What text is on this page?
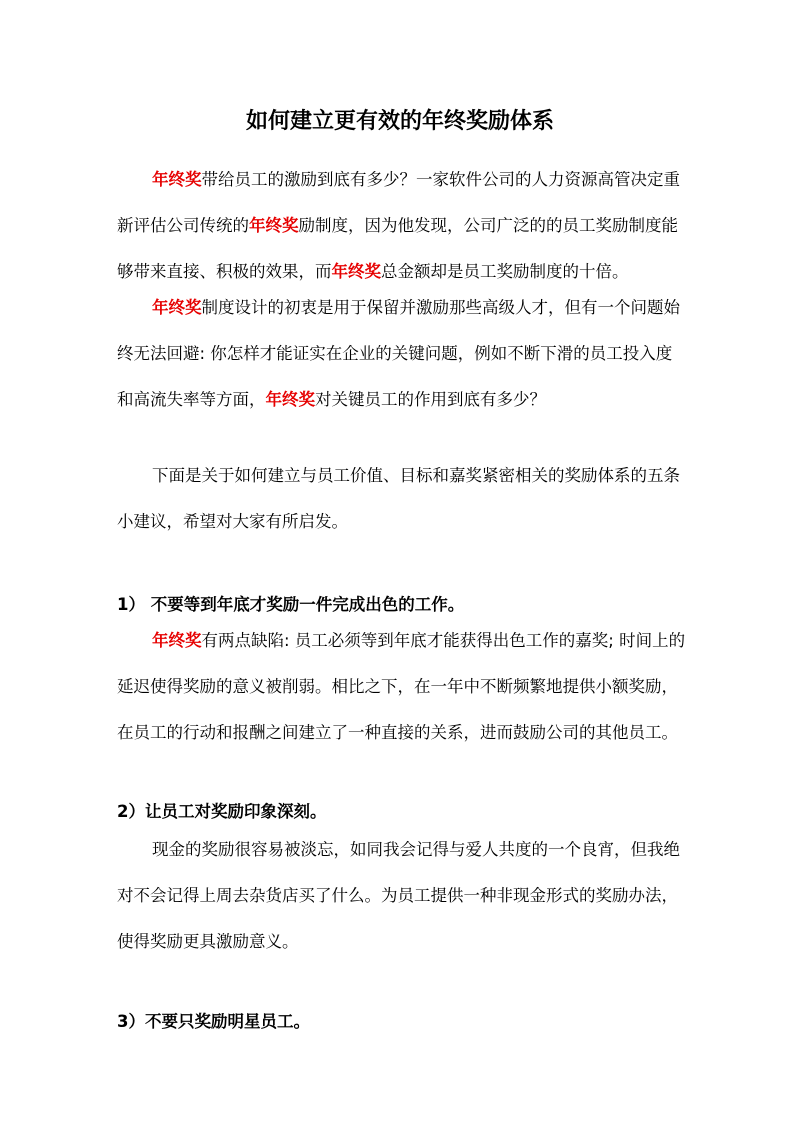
如何建立更有效的年终奖励体系

年终奖带给员工的激励到底有多少？一家软件公司的人力资源高管决定重新评估公司传统的年终奖励制度，因为他发现，公司广泛的的员工奖励制度能够带来直接、积极的效果，而年终奖总金额却是员工奖励制度的十倍。

年终奖制度设计的初衷是用于保留并激励那些高级人才，但有一个问题始终无法回避: 你怎样才能证实在企业的关键问题，例如不断下滑的员工投入度和高流失率等方面，年终奖对关键员工的作用到底有多少？

下面是关于如何建立与员工价值、目标和嘉奖紧密相关的奖励体系的五条小建议，希望对大家有所启发。

1） 不要等到年底才奖励一件完成出色的工作。

年终奖有两点缺陷: 员工必须等到年底才能获得出色工作的嘉奖; 时间上的延迟使得奖励的意义被削弱。相比之下，在一年中不断频繁地提供小额奖励，在员工的行动和报酬之间建立了一种直接的关系，进而鼓励公司的其他员工。

2）让员工对奖励印象深刻。

现金的奖励很容易被淡忘，如同我会记得与爱人共度的一个良宵，但我绝对不会记得上周去杂货店买了什么。为员工提供一种非现金形式的奖励办法，使得奖励更具激励意义。

3）不要只奖励明星员工。
